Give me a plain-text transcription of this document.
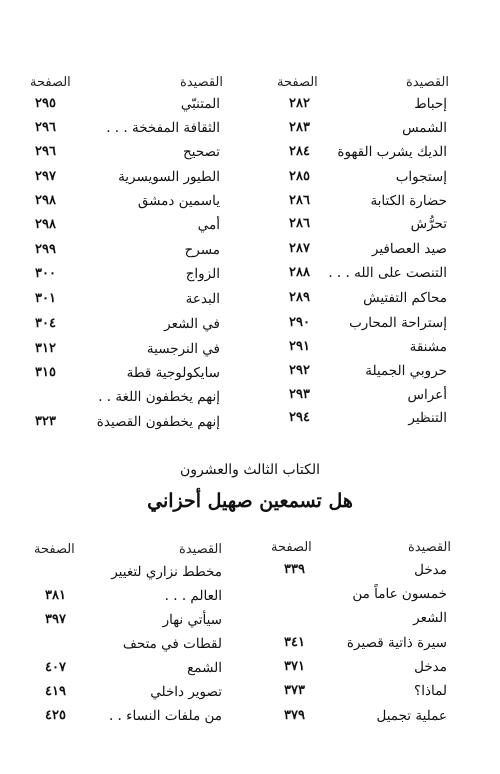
القصيدة
الصفحة
القصيدة
الصفحة
إحباط
٢٨٢
الشمس
٢٨٣
الديك يشرب القهوة
٢٨٤
إستجواب
٢٨٥
حضارة الكتابة
٢٨٦
تحرُّش
٢٨٦
صيد العصافير
٢٨٧
التنصت على الله . . .
٢٨٨
محاكم التفتيش
٢٨٩
إستراحة المحارب
٢٩٠
مشنقة
٢٩١
حروبي الجميلة
٢٩٢
أعراس
٢٩٣
التنظير
٢٩٤
المتنبّي
٢٩٥
الثقافة المفخخة . . .
٢٩٦
تصحيح
٢٩٦
الطيور السويسرية
٢٩٧
ياسمين دمشق
٢٩٨
أمي
٢٩٨
مسرح
٢٩٩
الزواج
٣٠٠
البدعة
٣٠١
في الشعر
٣٠٤
في النرجسية
٣١٢
سايكولوجية قطة
٣١٥
إنهم يخطفون اللغة . .
إنهم يخطفون القصيدة
٣٢٣
الكتاب الثالث والعشرون
هل تسمعين صهيل أحزاني
القصيدة
الصفحة
القصيدة
الصفحة
مدخل
٣٣٩
خمسون عاماً من
الشعر
سيرة ذاتية قصيرة
٣٤١
مدخل
٣٧١
لماذا؟
٣٧٣
عملية تجميل
٣٧٩
مخطط نزاري لتغيير
العالم . . .
٣٨١
سيأتي نهار
٣٩٧
لقطات في متحف
الشمع
٤٠٧
تصوير داخلي
٤١٩
من ملفات النساء . .
٤٢٥
